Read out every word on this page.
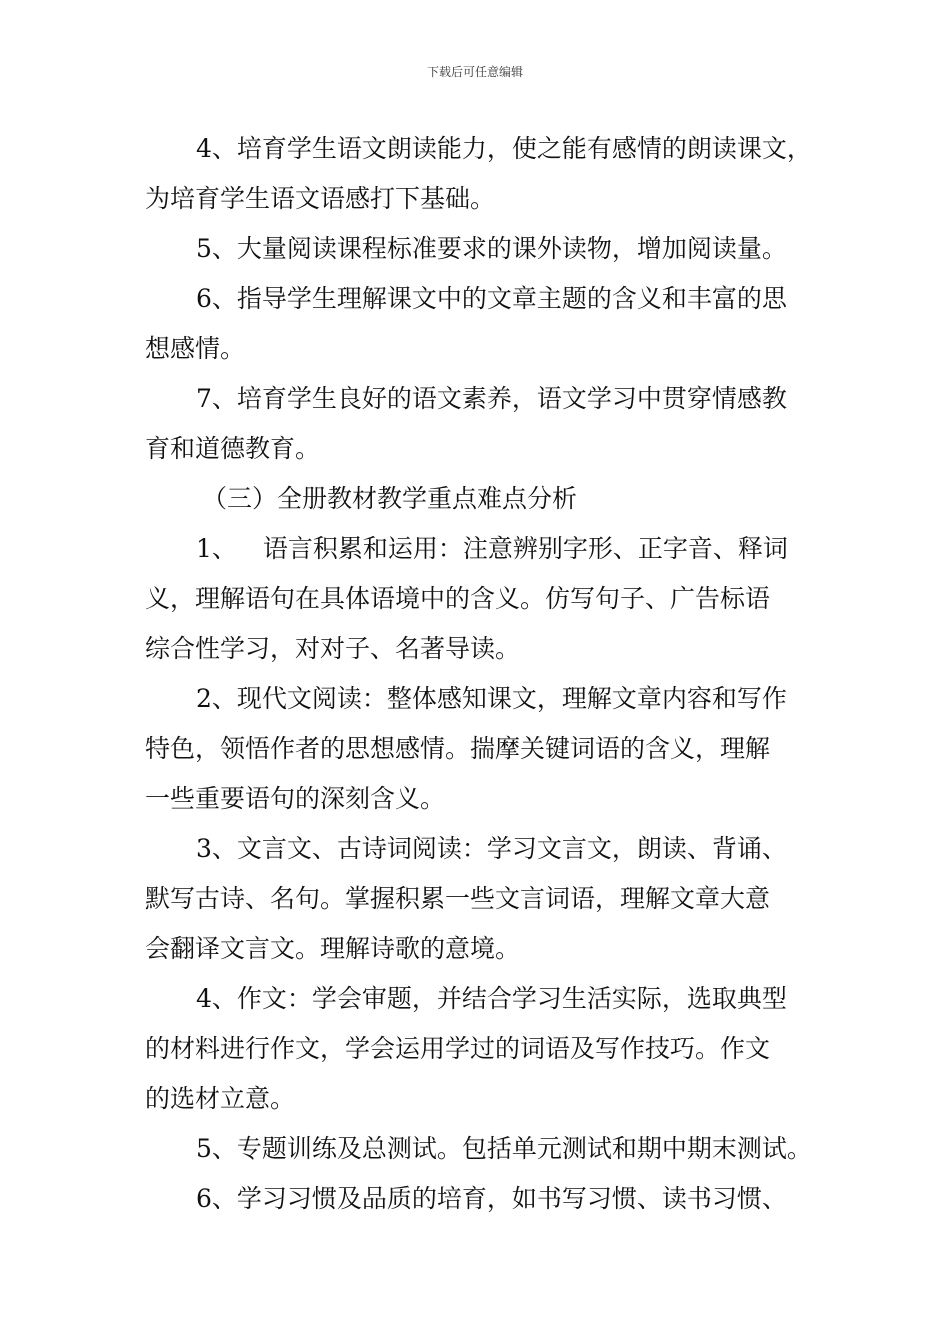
下载后可任意编辑
4、培育学生语文朗读能力，使之能有感情的朗读课文，
为培育学生语文语感打下基础。
5、大量阅读课程标准要求的课外读物，增加阅读量。
6、指导学生理解课文中的文章主题的含义和丰富的思
想感情。
7、培育学生良好的语文素养，语文学习中贯穿情感教
育和道德教育。
（三）全册教材教学重点难点分析
1、 语言积累和运用：注意辨别字形、正字音、释词
义，理解语句在具体语境中的含义。仿写句子、广告标语
综合性学习，对对子、名著导读。
2、现代文阅读：整体感知课文，理解文章内容和写作
特色，领悟作者的思想感情。揣摩关键词语的含义，理解
一些重要语句的深刻含义。
3、文言文、古诗词阅读：学习文言文，朗读、背诵、
默写古诗、名句。掌握积累一些文言词语，理解文章大意
会翻译文言文。理解诗歌的意境。
4、作文：学会审题，并结合学习生活实际，选取典型
的材料进行作文，学会运用学过的词语及写作技巧。作文
的选材立意。
5、专题训练及总测试。包括单元测试和期中期末测试。
6、学习习惯及品质的培育，如书写习惯、读书习惯、
